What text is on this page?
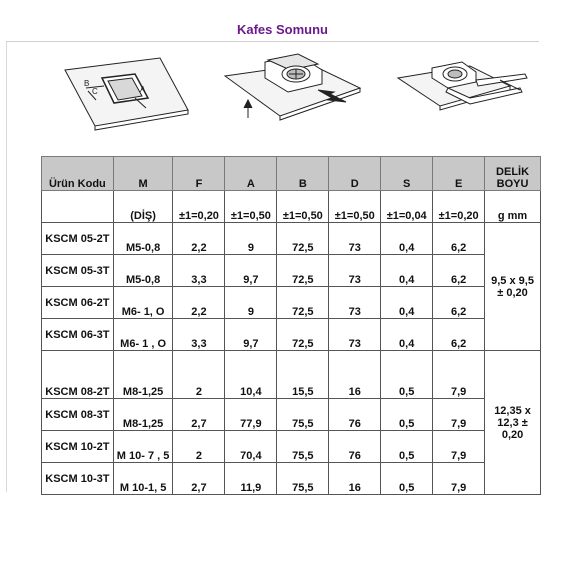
Kafes Somunu
B
C	A
Ürün Kodu	M	F	A	B	D	S	E	DELİK BOYU
	(DİŞ)	±1=0,20	±1=0,50	±1=0,50	±1=0,50	±1=0,04	±1=0,20	g mm
KSCM 05-2T	M5-0,8	2,2	9	72,5	73	0,4	6,2	9,5 x 9,5 ± 0,20
KSCM 05-3T	M5-0,8	3,3	9,7	72,5	73	0,4	6,2	
KSCM 06-2T	M6- 1, O	2,2	9	72,5	73	0,4	6,2	
KSCM 06-3T	M6- 1 , O	3,3	9,7	72,5	73	0,4	6,2	
KSCM 08-2T	M8-1,25	2	10,4	15,5	16	0,5	7,9	12,35 x 12,3 ± 0,20
KSCM 08-3T	M8-1,25	2,7	77,9	75,5	76	0,5	7,9	
KSCM 10-2T	M 10- 7 , 5	2	70,4	75,5	76	0,5	7,9	
KSCM 10-3T	M 10-1, 5	2,7	11,9	75,5	16	0,5	7,9	
